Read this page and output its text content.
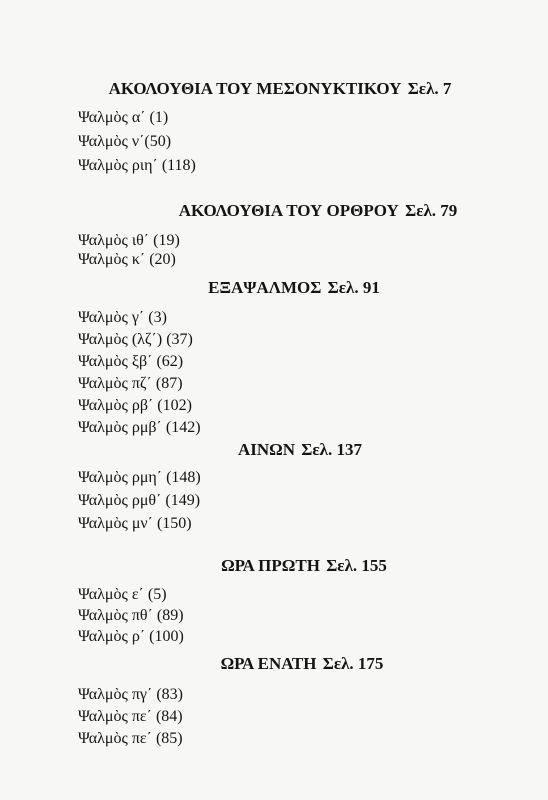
ΑΚΟΛΟΥΘΙΑ ΤΟΥ ΜΕΣΟΝΥΚΤΙΚΟΥ Σελ. 7
Ψαλμὸς α΄ (1)
Ψαλμὸς ν΄(50)
Ψαλμὸς ριη΄ (118)
ΑΚΟΛΟΥΘΙΑ ΤΟΥ ΟΡΘΡΟΥ Σελ. 79
Ψαλμὸς ιθ΄ (19)
Ψαλμὸς κ΄ (20)
ΕΞΑΨΑΛΜΟΣ Σελ. 91
Ψαλμὸς γ΄ (3)
Ψαλμὸς (λζ΄) (37)
Ψαλμὸς ξβ΄ (62)
Ψαλμὸς πζ΄ (87)
Ψαλμὸς ρβ΄ (102)
Ψαλμὸς ρμβ΄ (142)
ΑΙΝΩΝ Σελ. 137
Ψαλμὸς ρμη΄ (148)
Ψαλμὸς ρμθ΄ (149)
Ψαλμὸς μν΄ (150)
ΩΡΑ ΠΡΩΤΗ Σελ. 155
Ψαλμὸς ε΄ (5)
Ψαλμὸς πθ΄ (89)
Ψαλμὸς ρ΄ (100)
ΩΡΑ ΕΝΑΤΗ Σελ. 175
Ψαλμὸς πγ΄ (83)
Ψαλμὸς πε΄ (84)
Ψαλμὸς πε΄ (85)
